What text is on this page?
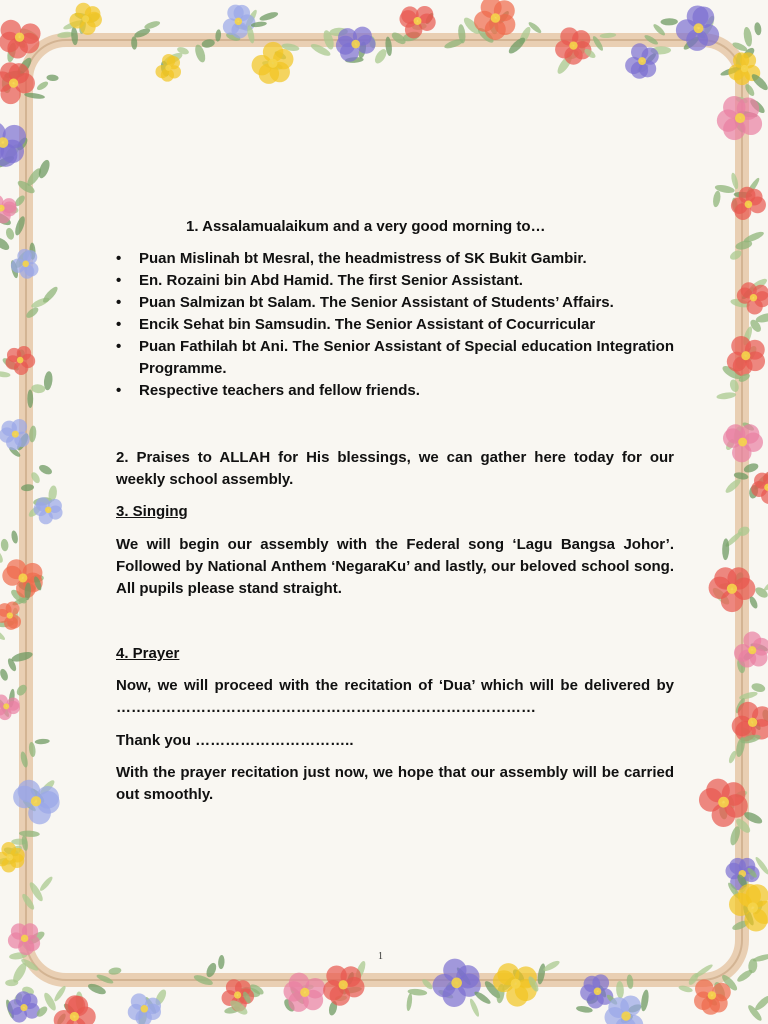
1. Assalamualaikum and a very good morning to…
• Puan Mislinah bt Mesral, the headmistress of SK Bukit Gambir.
• En. Rozaini bin Abd Hamid. The first Senior Assistant.
• Puan Salmizan bt Salam. The Senior Assistant of Students’ Affairs.
• Encik Sehat bin Samsudin. The Senior Assistant of Cocurricular
• Puan Fathilah bt Ani. The Senior Assistant of Special education Integration Programme.
• Respective teachers and fellow friends.

2. Praises to ALLAH for His blessings, we can gather here today for our weekly school assembly.

3. Singing

We will begin our assembly with the Federal song ‘Lagu Bangsa Johor’. Followed by National Anthem ‘NegaraKu’ and lastly, our beloved school song. All pupils please stand straight.

4. Prayer

Now, we will proceed with the recitation of ‘Dua’ which will be delivered by …………………………………………………………………………

Thank you …………………………..

With the prayer recitation just now, we hope that our assembly will be carried out smoothly.

1
